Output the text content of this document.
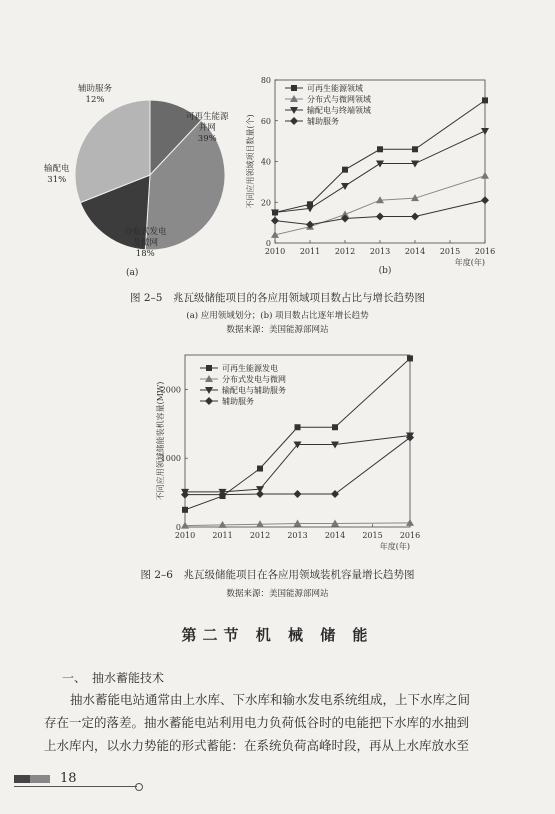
辅助服务
12%
可再生能源
并网
39%
输配电
31%
分布式发电
及微网
18%
(a)
0
20
40
60
80
2010 2011 2012 2013 2014 2015 2016
年度(年)
不同应用领域项目数量(个)
可再生能源领域
分布式与微网领域
输配电与终端领域
辅助服务
(b)
图 2–5　兆瓦级储能项目的各应用领域项目数占比与增长趋势图
(a) 应用领域划分；(b) 项目数占比逐年增长趋势
数据来源：美国能源部网站
0
1000
2000
2010 2011 2012 2013 2014 2015 2016
年度(年)
不同应用领域储能装机容量(MW)
可再生能源发电
分布式发电与微网
输配电与辅助服务
辅助服务
图 2–6　兆瓦级储能项目在各应用领域装机容量增长趋势图
数据来源：美国能源部网站
第二节 机 械 储 能
一、　抽水蓄能技术
抽水蓄能电站通常由上水库、下水库和输水发电系统组成，上下水库之间
存在一定的落差。抽水蓄能电站利用电力负荷低谷时的电能把下水库的水抽到
上水库内，以水力势能的形式蓄能：在系统负荷高峰时段，再从上水库放水至
18
